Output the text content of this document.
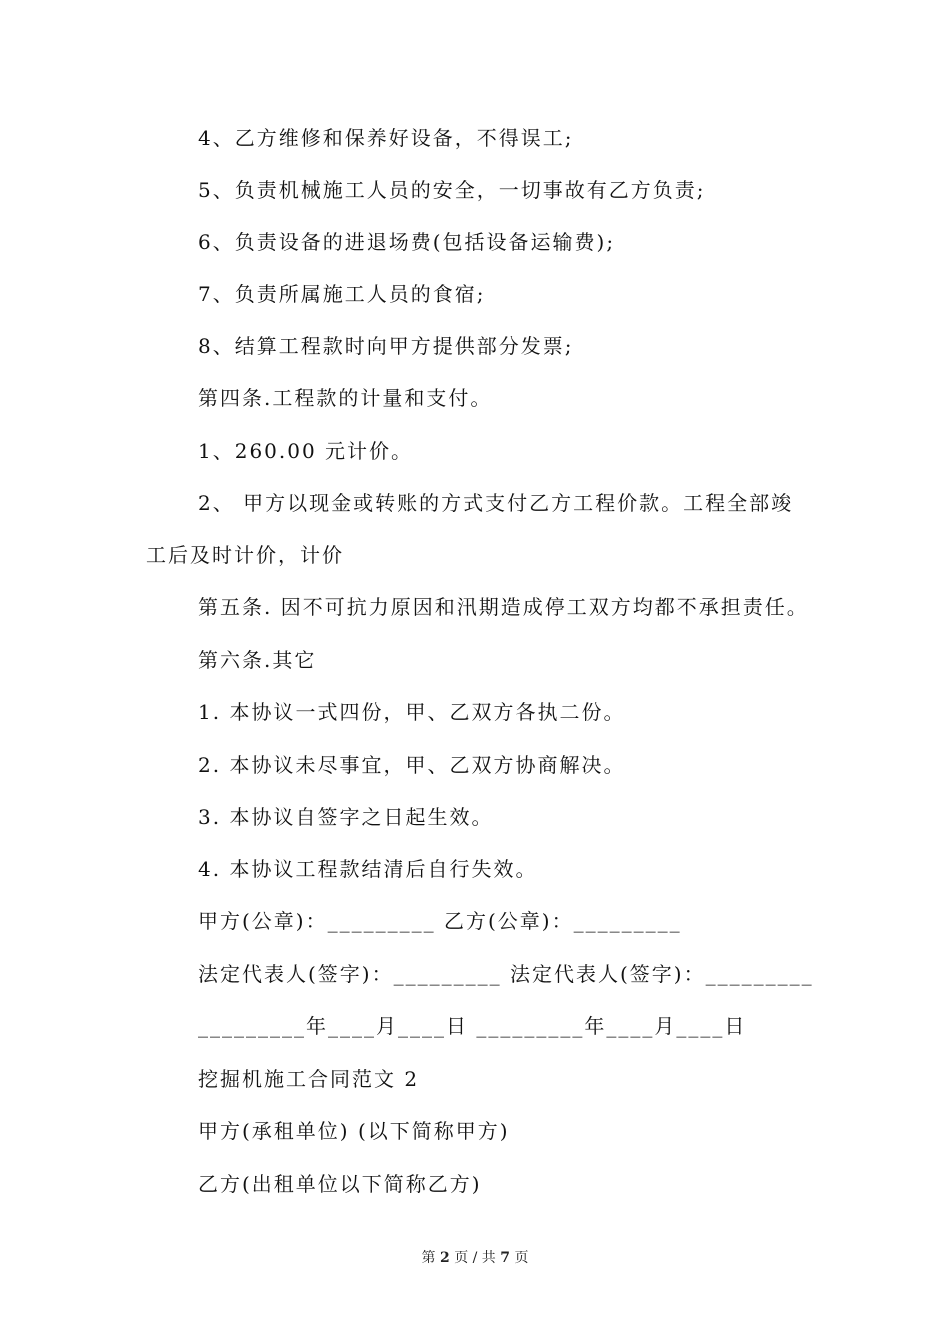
4、乙方维修和保养好设备，不得误工;
5、负责机械施工人员的安全，一切事故有乙方负责;
6、负责设备的进退场费(包括设备运输费);
7、负责所属施工人员的食宿;
8、结算工程款时向甲方提供部分发票;
第四条.工程款的计量和支付。
1、260.00 元计价。
2、 甲方以现金或转账的方式支付乙方工程价款。工程全部竣
工后及时计价，计价
第五条. 因不可抗力原因和汛期造成停工双方均都不承担责任。
第六条.其它
1. 本协议一式四份，甲、乙双方各执二份。
2. 本协议未尽事宜，甲、乙双方协商解决。
3. 本协议自签字之日起生效。
4. 本协议工程款结清后自行失效。
甲方(公章)：_________ 乙方(公章)：_________
法定代表人(签字)：_________ 法定代表人(签字)：_________
_________年____月____日 _________年____月____日
挖掘机施工合同范文 2
甲方(承租单位) (以下简称甲方)
乙方(出租单位以下简称乙方)
第 2 页 / 共 7 页
